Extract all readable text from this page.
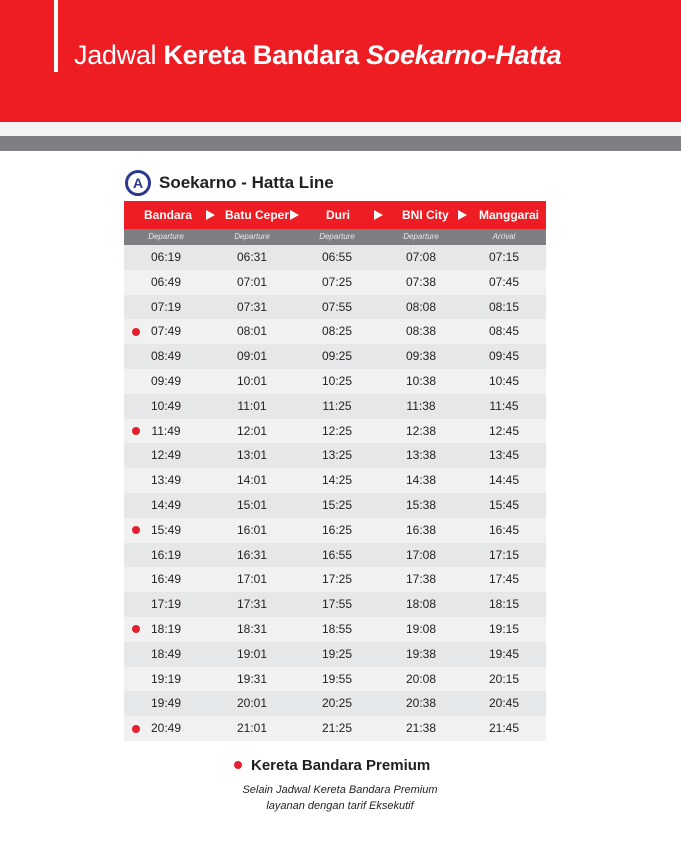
Jadwal Kereta Bandara Soekarno-Hatta
A Soekarno - Hatta Line
Bandara	Batu Ceper	Duri	BNI City	Manggarai
Departure	Departure	Departure	Departure	Arrival
06:19	06:31	06:55	07:08	07:15
06:49	07:01	07:25	07:38	07:45
07:19	07:31	07:55	08:08	08:15
07:49	08:01	08:25	08:38	08:45
08:49	09:01	09:25	09:38	09:45
09:49	10:01	10:25	10:38	10:45
10:49	11:01	11:25	11:38	11:45
11:49	12:01	12:25	12:38	12:45
12:49	13:01	13:25	13:38	13:45
13:49	14:01	14:25	14:38	14:45
14:49	15:01	15:25	15:38	15:45
15:49	16:01	16:25	16:38	16:45
16:19	16:31	16:55	17:08	17:15
16:49	17:01	17:25	17:38	17:45
17:19	17:31	17:55	18:08	18:15
18:19	18:31	18:55	19:08	19:15
18:49	19:01	19:25	19:38	19:45
19:19	19:31	19:55	20:08	20:15
19:49	20:01	20:25	20:38	20:45
20:49	21:01	21:25	21:38	21:45
Kereta Bandara Premium
Selain Jadwal Kereta Bandara Premium
layanan dengan tarif Eksekutif
